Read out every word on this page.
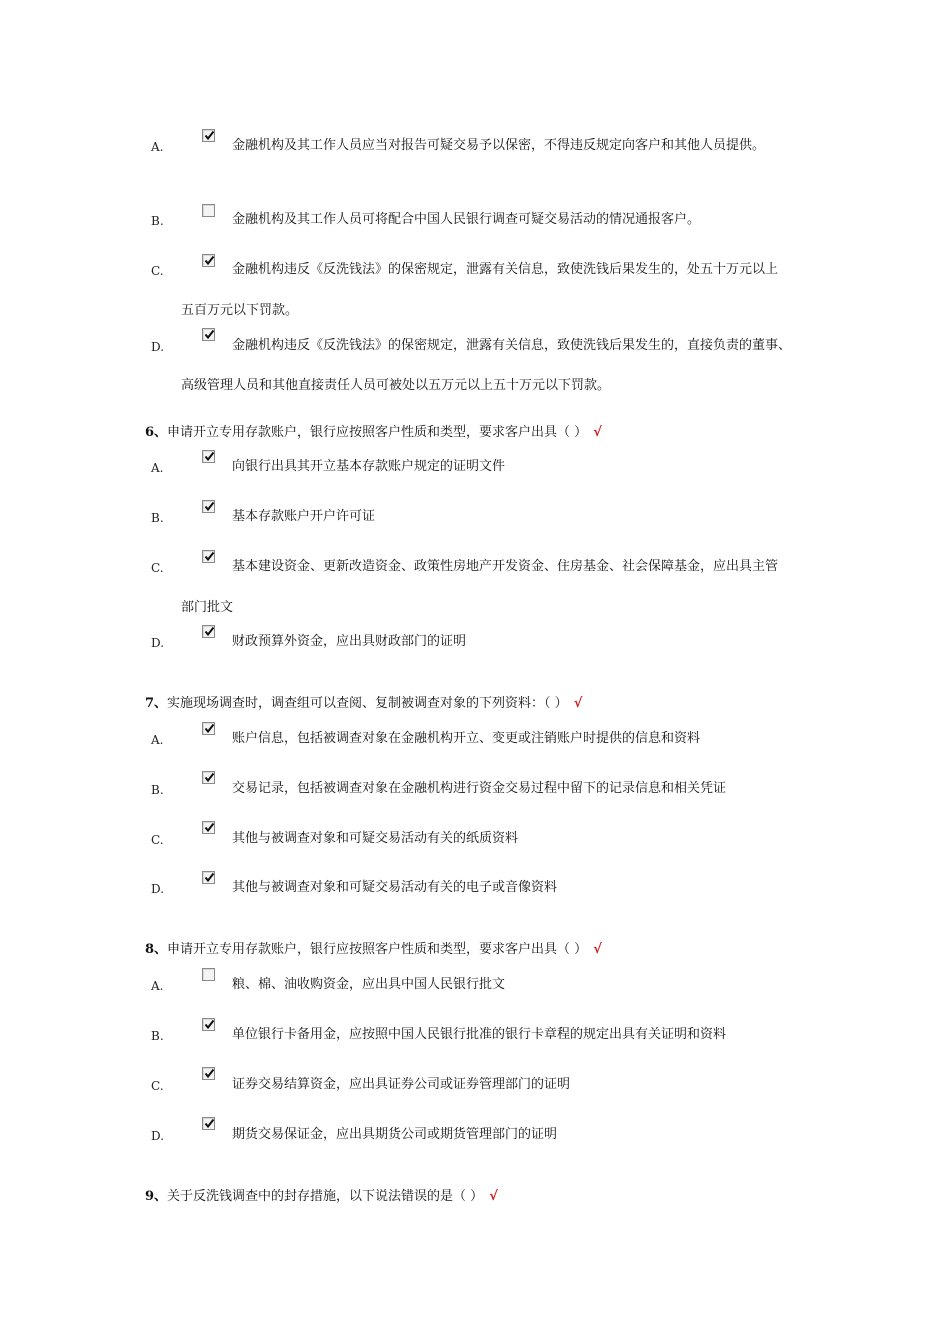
A.	金融机构及其工作人员应当对报告可疑交易予以保密，不得违反规定向客户和其他人员提供。
B.	金融机构及其工作人员可将配合中国人民银行调查可疑交易活动的情况通报客户。
C.	金融机构违反《反洗钱法》的保密规定，泄露有关信息，致使洗钱后果发生的，处五十万元以上
五百万元以下罚款。
D.	金融机构违反《反洗钱法》的保密规定，泄露有关信息，致使洗钱后果发生的，直接负责的董事、
高级管理人员和其他直接责任人员可被处以五万元以上五十万元以下罚款。
6、申请开立专用存款账户，银行应按照客户性质和类型，要求客户出具（ ） √
A.	向银行出具其开立基本存款账户规定的证明文件
B.	基本存款账户开户许可证
C.	基本建设资金、更新改造资金、政策性房地产开发资金、住房基金、社会保障基金，应出具主管
部门批文
D.	财政预算外资金，应出具财政部门的证明
7、实施现场调查时，调查组可以查阅、复制被调查对象的下列资料：（ ） √
A.	账户信息，包括被调查对象在金融机构开立、变更或注销账户时提供的信息和资料
B.	交易记录，包括被调查对象在金融机构进行资金交易过程中留下的记录信息和相关凭证
C.	其他与被调查对象和可疑交易活动有关的纸质资料
D.	其他与被调查对象和可疑交易活动有关的电子或音像资料
8、申请开立专用存款账户，银行应按照客户性质和类型，要求客户出具（ ） √
A.	粮、棉、油收购资金，应出具中国人民银行批文
B.	单位银行卡备用金，应按照中国人民银行批准的银行卡章程的规定出具有关证明和资料
C.	证券交易结算资金，应出具证券公司或证券管理部门的证明
D.	期货交易保证金，应出具期货公司或期货管理部门的证明
9、关于反洗钱调查中的封存措施，以下说法错误的是（ ） √
